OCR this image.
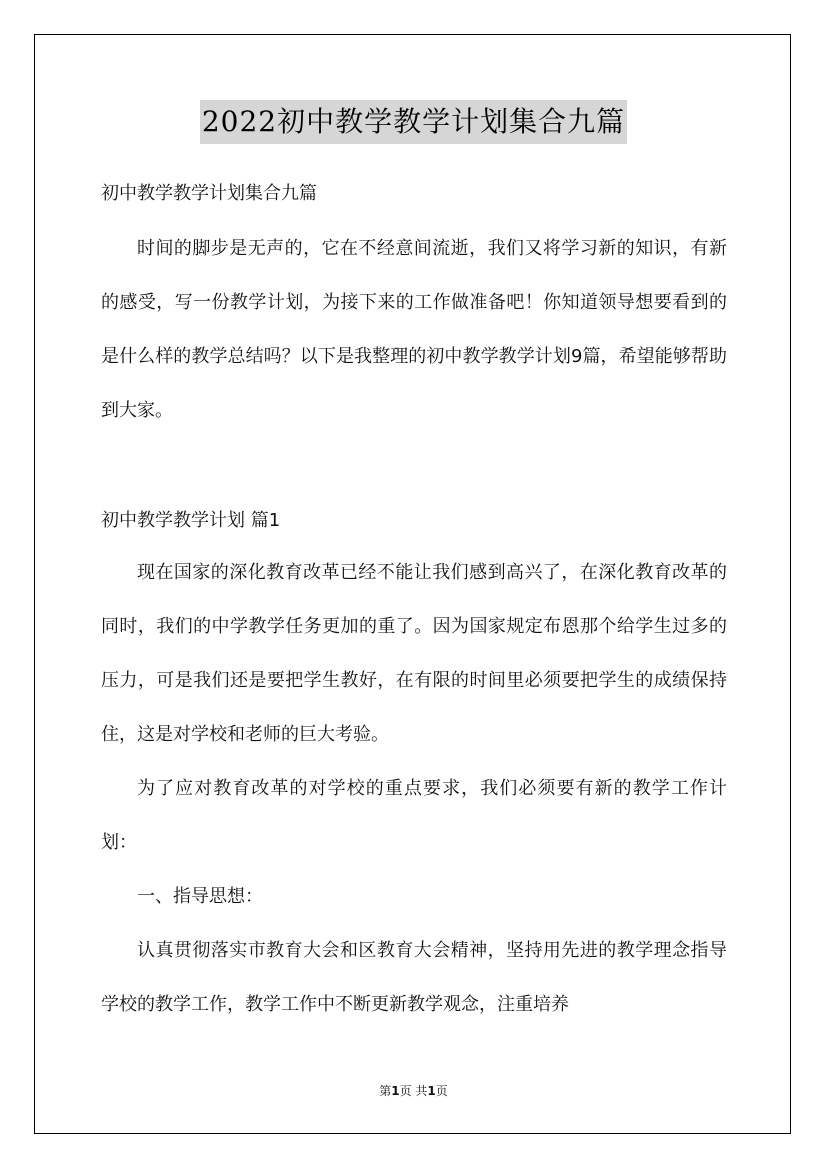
2022初中教学教学计划集合九篇

初中教学教学计划集合九篇

时间的脚步是无声的，它在不经意间流逝，我们又将学习新的知识，有新的感受，写一份教学计划，为接下来的工作做准备吧！你知道领导想要看到的是什么样的教学总结吗？以下是我整理的初中教学教学计划9篇，希望能够帮助到大家。

初中教学教学计划 篇1

现在国家的深化教育改革已经不能让我们感到高兴了，在深化教育改革的同时，我们的中学教学任务更加的重了。因为国家规定布恩那个给学生过多的压力，可是我们还是要把学生教好，在有限的时间里必须要把学生的成绩保持住，这是对学校和老师的巨大考验。

为了应对教育改革的对学校的重点要求，我们必须要有新的教学工作计划：

一、指导思想：

认真贯彻落实市教育大会和区教育大会精神，坚持用先进的教学理念指导学校的教学工作，教学工作中不断更新教学观念，注重培养

第1页 共1页
